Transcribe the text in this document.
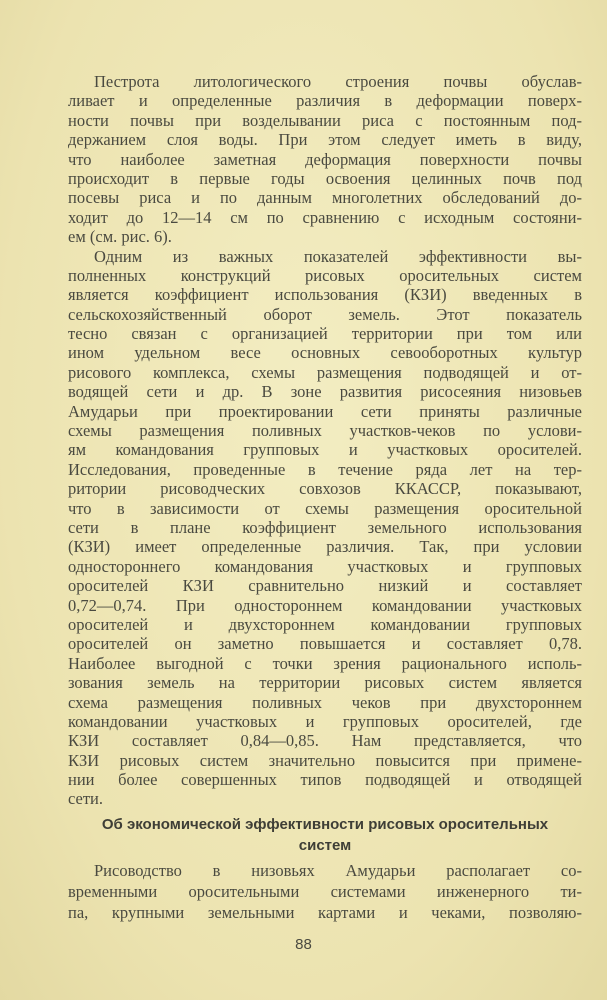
Пестрота литологического строения почвы обуслав-
ливает и определенные различия в деформации поверх-
ности почвы при возделывании риса с постоянным под-
держанием слоя воды. При этом следует иметь в виду,
что наиболее заметная деформация поверхности почвы
происходит в первые годы освоения целинных почв под
посевы риса и по данным многолетних обследований до-
ходит до 12—14 см по сравнению с исходным состояни-
ем (см. рис. 6).
Одним из важных показателей эффективности вы-
полненных конструкций рисовых оросительных систем
является коэффициент использования (КЗИ) введенных в
сельскохозяйственный оборот земель. Этот показатель
тесно связан с организацией территории при том или
ином удельном весе основных севооборотных культур
рисового комплекса, схемы размещения подводящей и от-
водящей сети и др. В зоне развития рисосеяния низовьев
Амударьи при проектировании сети приняты различные
схемы размещения поливных участков-чеков по услови-
ям командования групповых и участковых оросителей.
Исследования, проведенные в течение ряда лет на тер-
ритории рисоводческих совхозов ККАССР, показывают,
что в зависимости от схемы размещения оросительной
сети в плане коэффициент земельного использования
(КЗИ) имеет определенные различия. Так, при условии
одностороннего командования участковых и групповых
оросителей КЗИ сравнительно низкий и составляет
0,72—0,74. При одностороннем командовании участковых
оросителей и двухстороннем командовании групповых
оросителей он заметно повышается и составляет 0,78.
Наиболее выгодной с точки зрения рационального исполь-
зования земель на территории рисовых систем является
схема размещения поливных чеков при двухстороннем
командовании участковых и групповых оросителей, где
КЗИ составляет 0,84—0,85. Нам представляется, что
КЗИ рисовых систем значительно повысится при примене-
нии более совершенных типов подводящей и отводящей
сети.
Об экономической эффективности рисовых оросительных
систем
Рисоводство в низовьях Амударьи располагает со-
временными оросительными системами инженерного ти-
па, крупными земельными картами и чеками, позволяю-
88
